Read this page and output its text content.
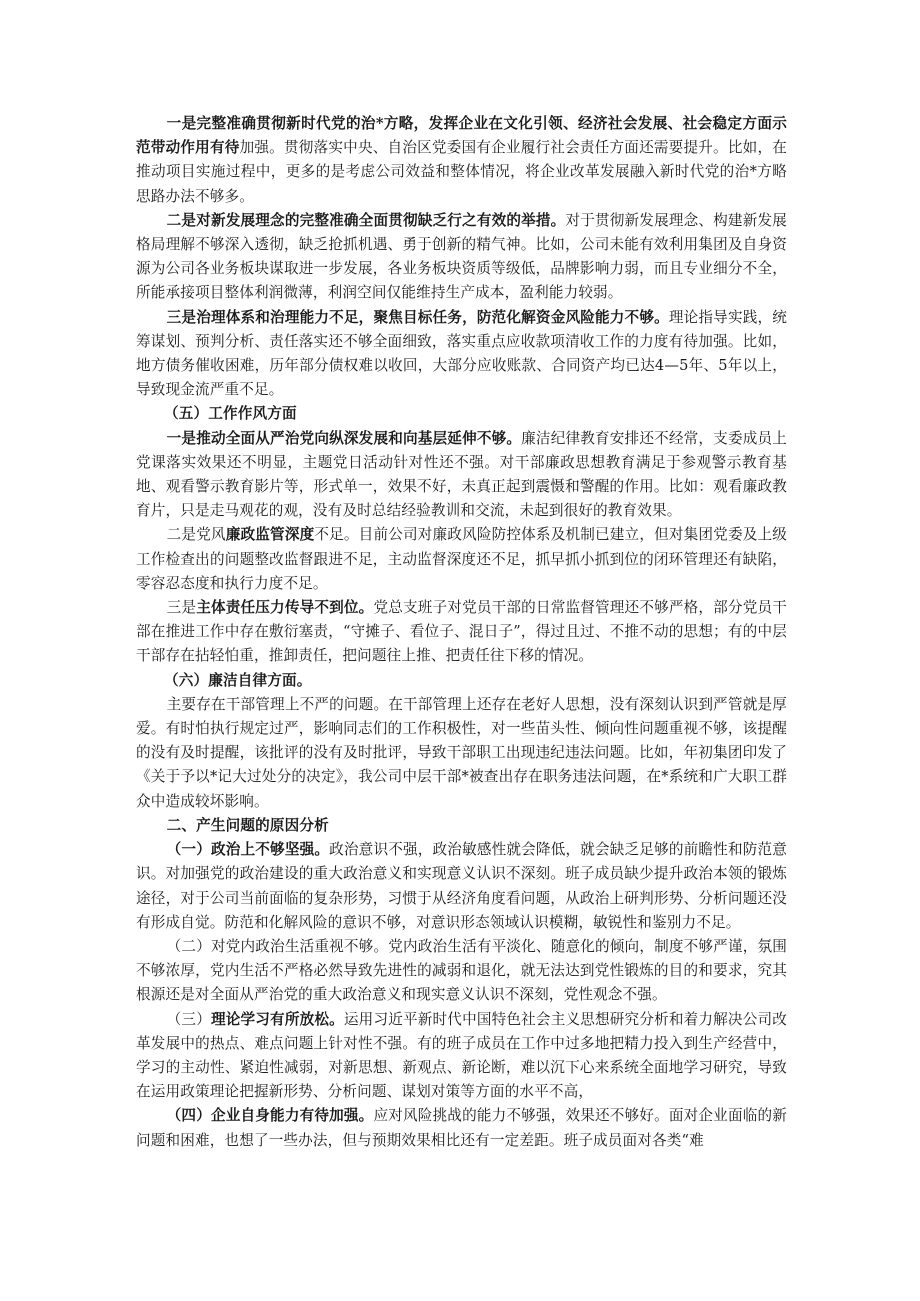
一是完整准确贯彻新时代党的治*方略，发挥企业在文化引领、经济社会发展、社会稳定方面示范带动作用有待加强。贯彻落实中央、自治区党委国有企业履行社会责任方面还需要提升。比如，在推动项目实施过程中，更多的是考虑公司效益和整体情况，将企业改革发展融入新时代党的治*方略思路办法不够多。

二是对新发展理念的完整准确全面贯彻缺乏行之有效的举措。对于贯彻新发展理念、构建新发展格局理解不够深入透彻，缺乏抢抓机遇、勇于创新的精气神。比如，公司未能有效利用集团及自身资源为公司各业务板块谋取进一步发展，各业务板块资质等级低，品牌影响力弱，而且专业细分不全，所能承接项目整体利润微薄，利润空间仅能维持生产成本，盈利能力较弱。

三是治理体系和治理能力不足，聚焦目标任务，防范化解资金风险能力不够。理论指导实践，统筹谋划、预判分析、责任落实还不够全面细致，落实重点应收款项清收工作的力度有待加强。比如，地方债务催收困难，历年部分债权难以收回，大部分应收账款、合同资产均已达4—5年、5年以上，导致现金流严重不足。

（五）工作作风方面

一是推动全面从严治党向纵深发展和向基层延伸不够。廉洁纪律教育安排还不经常，支委成员上党课落实效果还不明显，主题党日活动针对性还不强。对干部廉政思想教育满足于参观警示教育基地、观看警示教育影片等，形式单一，效果不好，未真正起到震慑和警醒的作用。比如：观看廉政教育片，只是走马观花的观，没有及时总结经验教训和交流，未起到很好的教育效果。

二是党风廉政监管深度不足。目前公司对廉政风险防控体系及机制已建立，但对集团党委及上级工作检查出的问题整改监督跟进不足，主动监督深度还不足，抓早抓小抓到位的闭环管理还有缺陷，零容忍态度和执行力度不足。

三是主体责任压力传导不到位。党总支班子对党员干部的日常监督管理还不够严格，部分党员干部在推进工作中存在敷衍塞责，“守摊子、看位子、混日子”，得过且过、不推不动的思想；有的中层干部存在拈轻怕重，推卸责任，把问题往上推、把责任往下移的情况。

（六）廉洁自律方面。

主要存在干部管理上不严的问题。在干部管理上还存在老好人思想，没有深刻认识到严管就是厚爱。有时怕执行规定过严，影响同志们的工作积极性，对一些苗头性、倾向性问题重视不够，该提醒的没有及时提醒，该批评的没有及时批评，导致干部职工出现违纪违法问题。比如，年初集团印发了《关于予以*记大过处分的决定》，我公司中层干部*被查出存在职务违法问题，在*系统和广大职工群众中造成较坏影响。

二、产生问题的原因分析

（一）政治上不够坚强。政治意识不强，政治敏感性就会降低，就会缺乏足够的前瞻性和防范意识。对加强党的政治建设的重大政治意义和实现意义认识不深刻。班子成员缺少提升政治本领的锻炼途径，对于公司当前面临的复杂形势，习惯于从经济角度看问题，从政治上研判形势、分析问题还没有形成自觉。防范和化解风险的意识不够，对意识形态领域认识模糊，敏锐性和鉴别力不足。

（二）对党内政治生活重视不够。党内政治生活有平淡化、随意化的倾向，制度不够严谨，氛围不够浓厚，党内生活不严格必然导致先进性的减弱和退化，就无法达到党性锻炼的目的和要求，究其根源还是对全面从严治党的重大政治意义和现实意义认识不深刻，党性观念不强。

（三）理论学习有所放松。运用习近平新时代中国特色社会主义思想研究分析和着力解决公司改革发展中的热点、难点问题上针对性不强。有的班子成员在工作中过多地把精力投入到生产经营中，学习的主动性、紧迫性减弱，对新思想、新观点、新论断，难以沉下心来系统全面地学习研究，导致在运用政策理论把握新形势、分析问题、谋划对策等方面的水平不高，

（四）企业自身能力有待加强。应对风险挑战的能力不够强，效果还不够好。面对企业面临的新问题和困难，也想了一些办法，但与预期效果相比还有一定差距。班子成员面对各类“难
